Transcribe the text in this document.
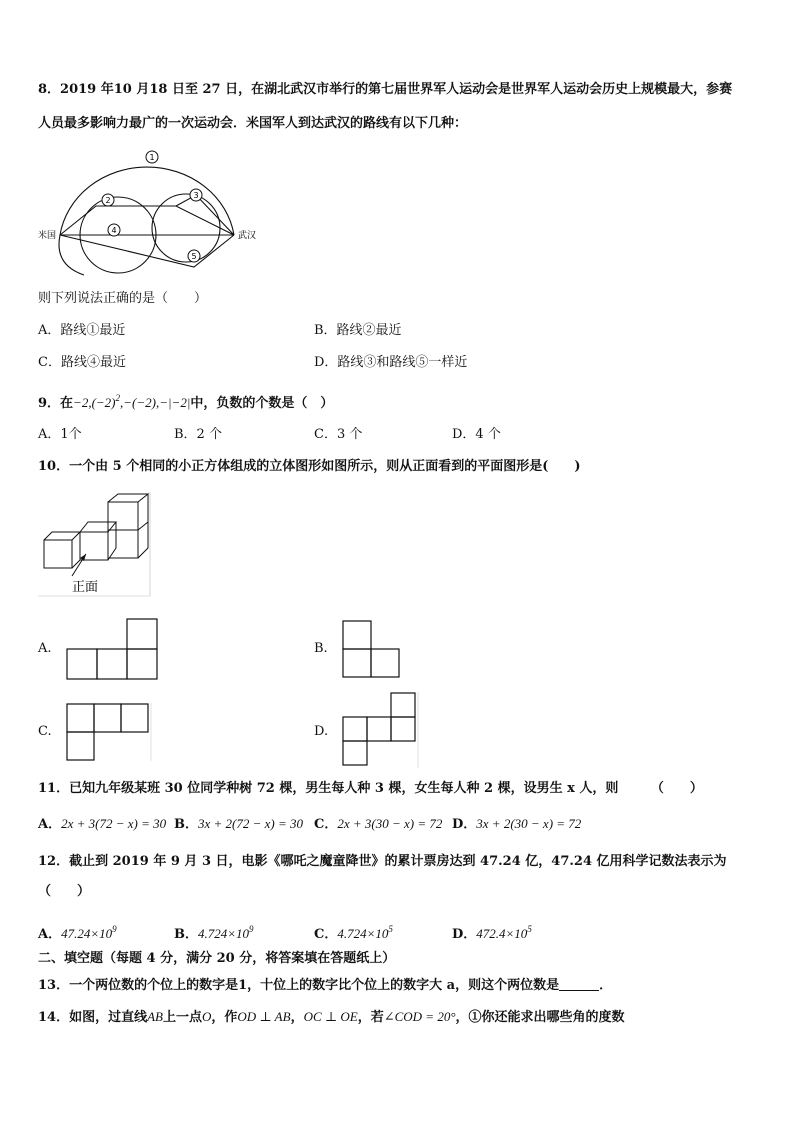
8．2019 年10 月18 日至 27 日，在湖北武汉市举行的第七届世界军人运动会是世界军人运动会历史上规模最大，参赛
人员最多影响力最广的一次运动会．米国军人到达武汉的路线有以下几种：
1
2
3
4
5
米国	武汉
则下列说法正确的是（　　）
A．路线①最近	B．路线②最近
C．路线④最近	D．路线③和路线⑤一样近
9．在$-2,(-2)^2,-(-2),-|-2|$中，负数的个数是（　）
A．1个	B．2 个	C．3 个	D．4 个
10．一个由 5 个相同的小正方体组成的立体图形如图所示，则从正面看到的平面图形是(　　)
正面
A.	B.
C.	D.
11．已知九年级某班 30 位同学种树 72 棵，男生每人种 3 棵，女生每人种 2 棵，设男生 x 人，则　　　（　　）
A．2x + 3(72 − x) = 30 B．3x + 2(72 − x) = 30 C．2x + 3(30 − x) = 72 D．3x + 2(30 − x) = 72
12．截止到 2019 年 9 月 3 日，电影《哪吒之魔童降世》的累计票房达到 47.24 亿，47.24 亿用科学记数法表示为
（　　）
A．$47.24\times 10^9$	B．$4.724\times 10^9$	C．$4.724\times 10^5$	D．$472.4\times 10^5$
二、填空题（每题 4 分，满分 20 分，将答案填在答题纸上）
13．一个两位数的个位上的数字是1，十位上的数字比个位上的数字大 a，则这个两位数是	．
14．如图，过直线AB上一点O，作OD ⊥ AB，OC ⊥ OE，若∠COD = 20°，①你还能求出哪些角的度数
